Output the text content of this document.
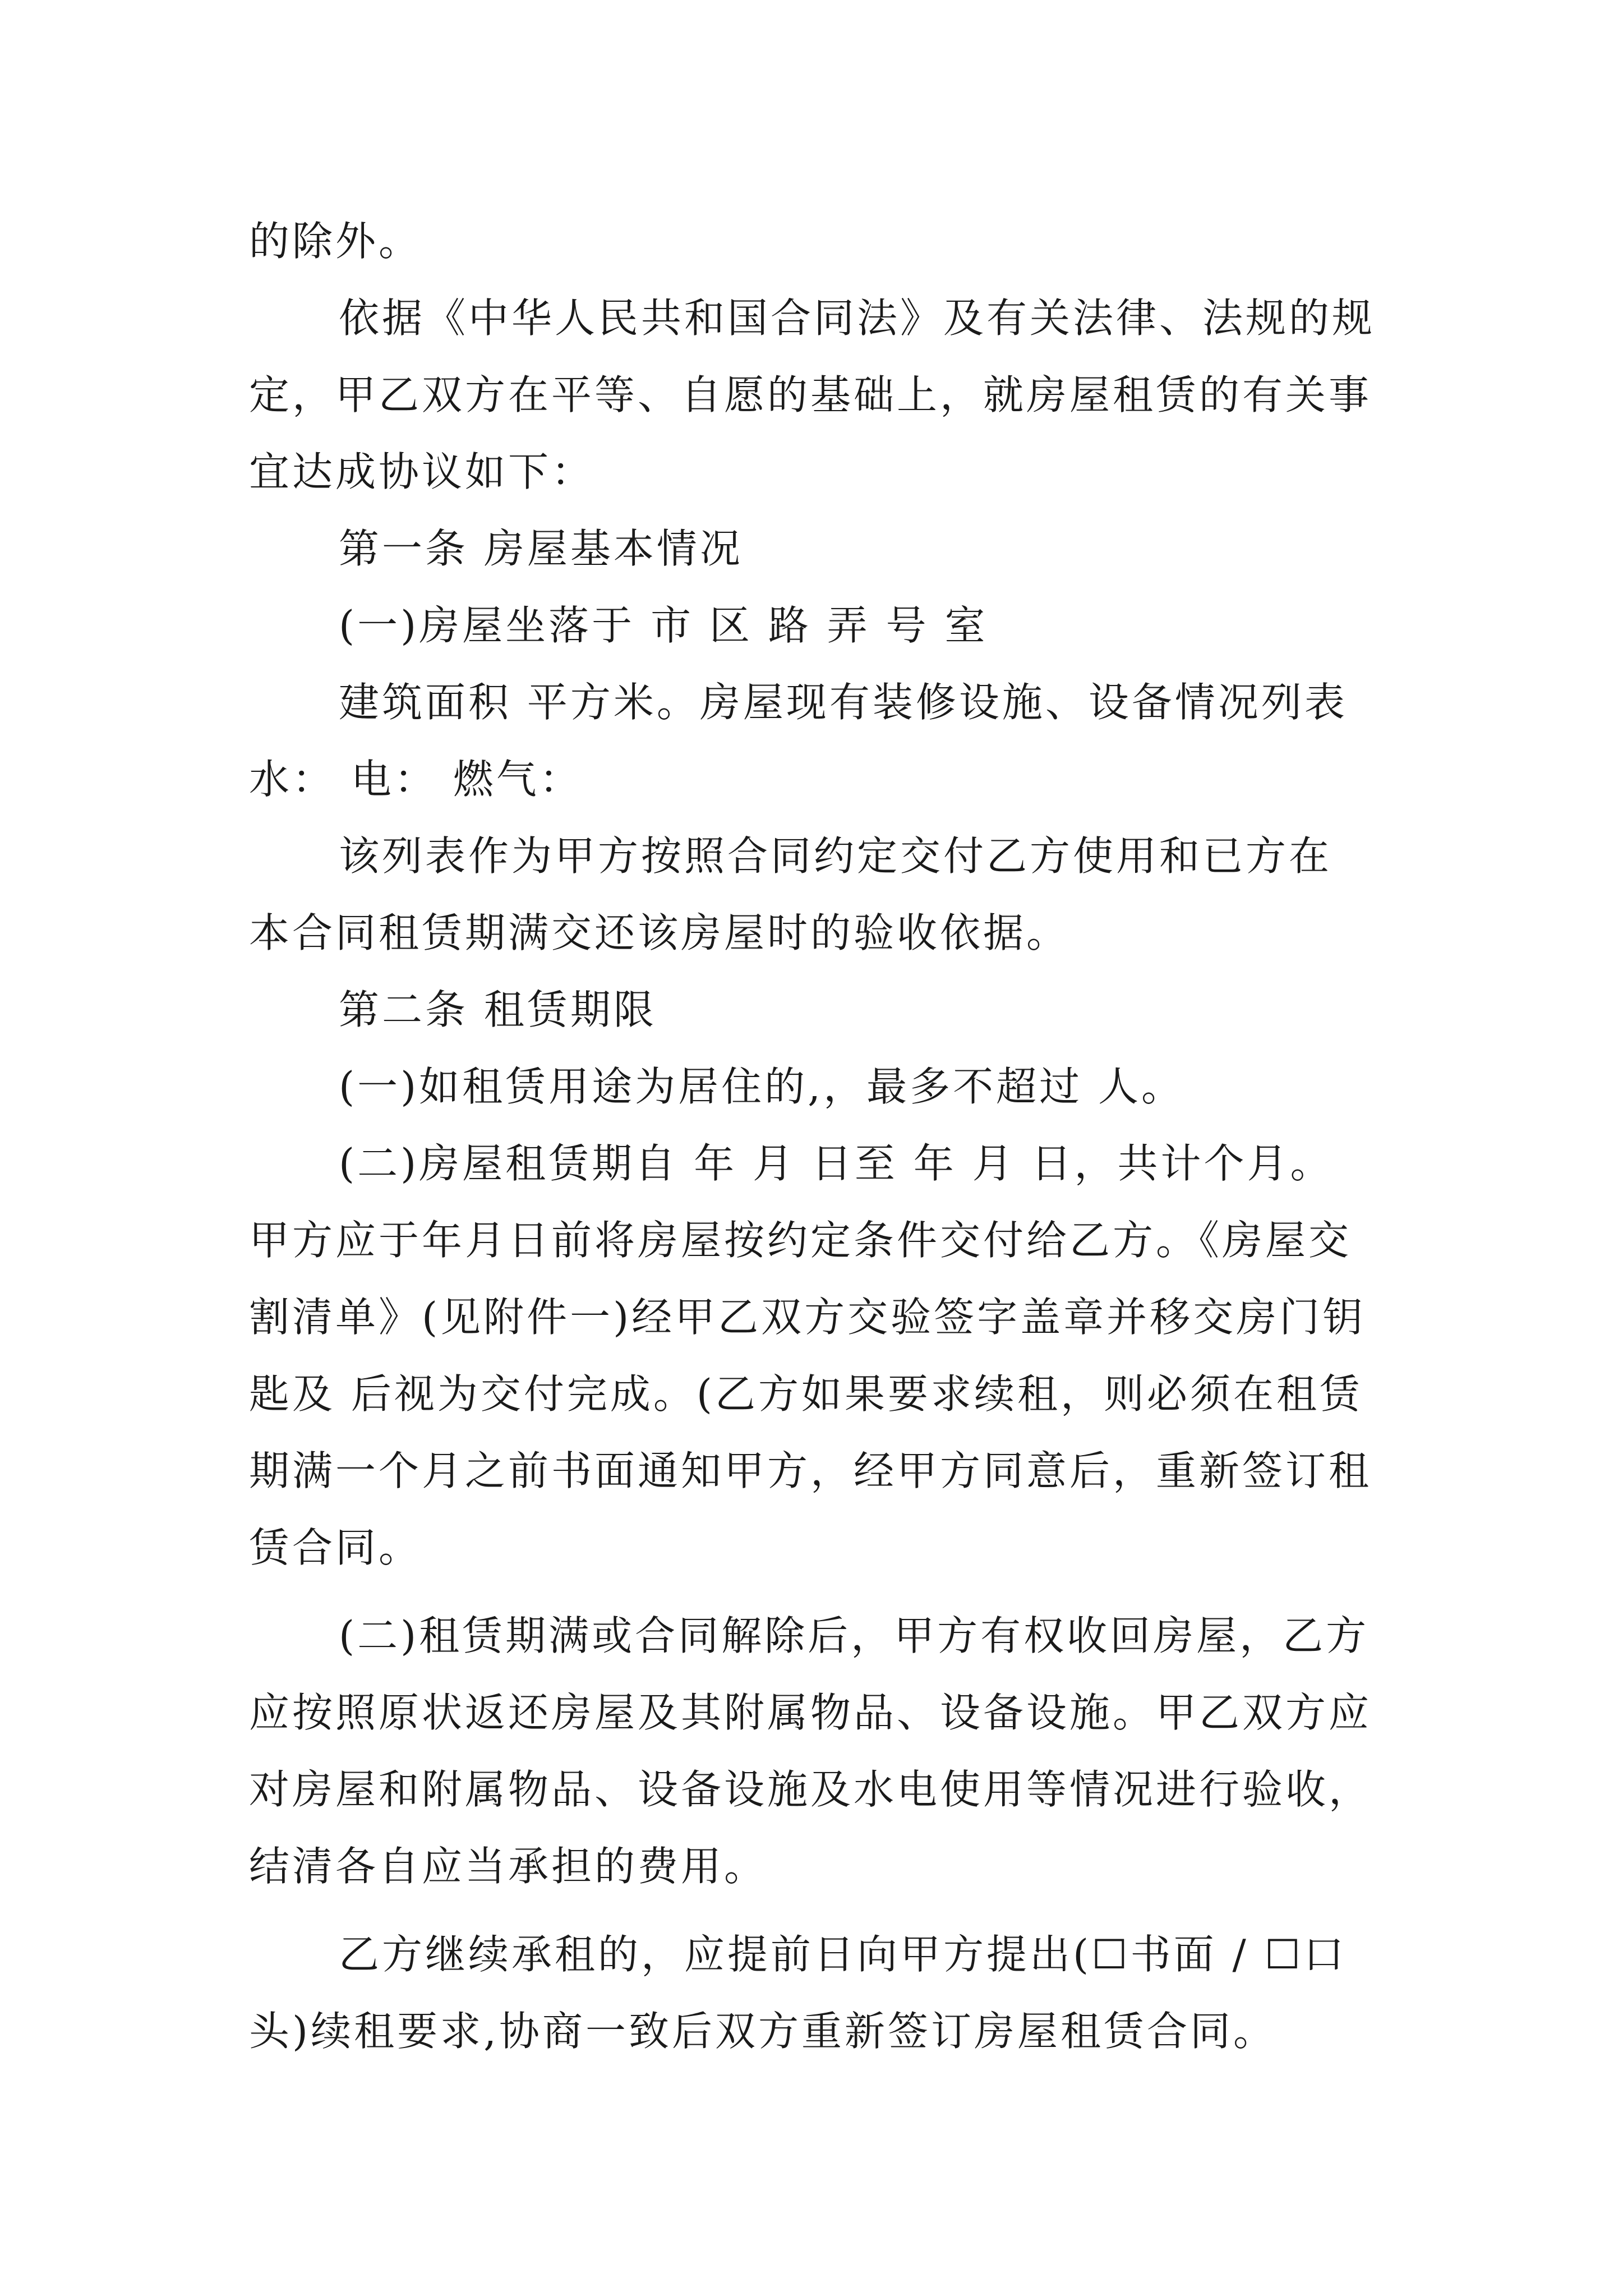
的除外。
依据《中华人民共和国合同法》及有关法律、法规的规
定，甲乙双方在平等、自愿的基础上，就房屋租赁的有关事
宜达成协议如下：
第一条 房屋基本情况
(一)房屋坐落于 市 区 路 弄 号 室
建筑面积 平方米。房屋现有装修设施、设备情况列表
水： 电： 燃气：
该列表作为甲方按照合同约定交付乙方使用和已方在
本合同租赁期满交还该房屋时的验收依据。
第二条 租赁期限
(一)如租赁用途为居住的,，最多不超过 人。
(二)房屋租赁期自 年 月 日至 年 月 日，共计个月。
甲方应于年月日前将房屋按约定条件交付给乙方。《房屋交
割清单》(见附件一)经甲乙双方交验签字盖章并移交房门钥
匙及 后视为交付完成。(乙方如果要求续租，则必须在租赁
期满一个月之前书面通知甲方，经甲方同意后，重新签订租
赁合同。
(二)租赁期满或合同解除后，甲方有权收回房屋，乙方
应按照原状返还房屋及其附属物品、设备设施。甲乙双方应
对房屋和附属物品、设备设施及水电使用等情况进行验收，
结清各自应当承担的费用。
乙方继续承租的，应提前日向甲方提出(☐书面 / ☐口
头)续租要求,协商一致后双方重新签订房屋租赁合同。
